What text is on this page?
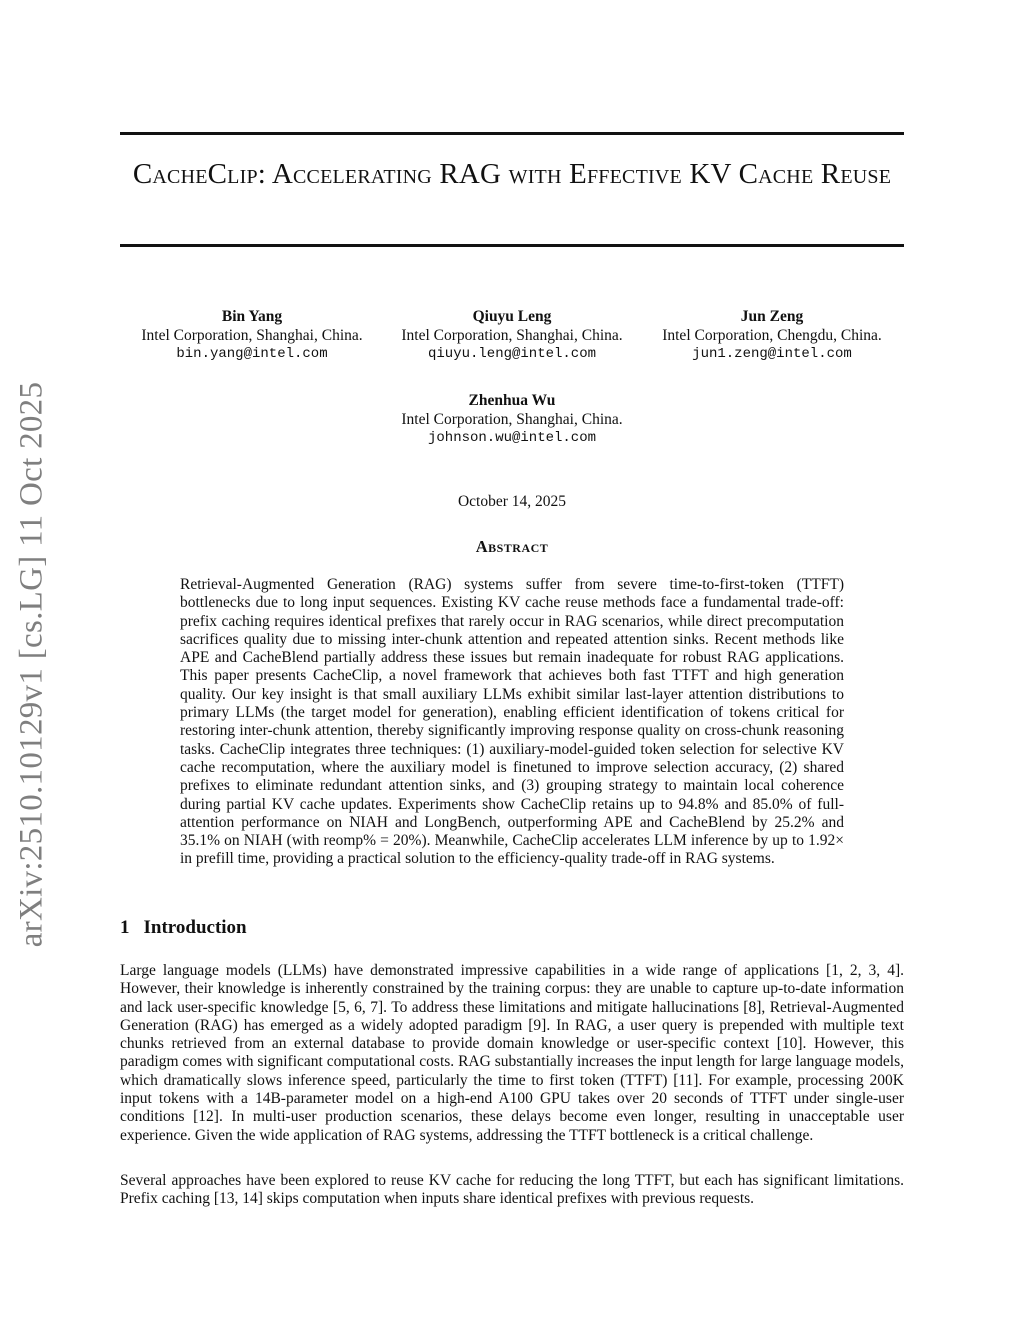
arXiv:2510.10129v1 [cs.LG] 11 Oct 2025
CacheClip: Accelerating RAG with Effective KV Cache Reuse
Bin Yang
Intel Corporation, Shanghai, China.
bin.yang@intel.com
Qiuyu Leng
Intel Corporation, Shanghai, China.
qiuyu.leng@intel.com
Jun Zeng
Intel Corporation, Chengdu, China.
jun1.zeng@intel.com
Zhenhua Wu
Intel Corporation, Shanghai, China.
johnson.wu@intel.com
October 14, 2025
Abstract
Retrieval-Augmented Generation (RAG) systems suffer from severe time-to-first-token (TTFT) bottlenecks due to long input sequences. Existing KV cache reuse methods face a fundamental trade-off: prefix caching requires identical prefixes that rarely occur in RAG scenarios, while direct precomputation sacrifices quality due to missing inter-chunk attention and repeated attention sinks. Recent methods like APE and CacheBlend partially address these issues but remain inadequate for robust RAG applications. This paper presents CacheClip, a novel framework that achieves both fast TTFT and high generation quality. Our key insight is that small auxiliary LLMs exhibit similar last-layer attention distributions to primary LLMs (the target model for generation), enabling efficient identification of tokens critical for restoring inter-chunk attention, thereby significantly improving response quality on cross-chunk reasoning tasks. CacheClip integrates three techniques: (1) auxiliary-model-guided token selection for selective KV cache recomputation, where the auxiliary model is finetuned to improve selection accuracy, (2) shared prefixes to eliminate redundant attention sinks, and (3) grouping strategy to maintain local coherence during partial KV cache updates. Experiments show CacheClip retains up to 94.8% and 85.0% of full-attention performance on NIAH and LongBench, outperforming APE and CacheBlend by 25.2% and 35.1% on NIAH (with reomp% = 20%). Meanwhile, CacheClip accelerates LLM inference by up to 1.92× in prefill time, providing a practical solution to the efficiency-quality trade-off in RAG systems.
1 Introduction
Large language models (LLMs) have demonstrated impressive capabilities in a wide range of applications [1, 2, 3, 4]. However, their knowledge is inherently constrained by the training corpus: they are unable to capture up-to-date information and lack user-specific knowledge [5, 6, 7]. To address these limitations and mitigate hallucinations [8], Retrieval-Augmented Generation (RAG) has emerged as a widely adopted paradigm [9]. In RAG, a user query is prepended with multiple text chunks retrieved from an external database to provide domain knowledge or user-specific context [10]. However, this paradigm comes with significant computational costs. RAG substantially increases the input length for large language models, which dramatically slows inference speed, particularly the time to first token (TTFT) [11]. For example, processing 200K input tokens with a 14B-parameter model on a high-end A100 GPU takes over 20 seconds of TTFT under single-user conditions [12]. In multi-user production scenarios, these delays become even longer, resulting in unacceptable user experience. Given the wide application of RAG systems, addressing the TTFT bottleneck is a critical challenge.
Several approaches have been explored to reuse KV cache for reducing the long TTFT, but each has significant limitations. Prefix caching [13, 14] skips computation when inputs share identical prefixes with previous requests.
